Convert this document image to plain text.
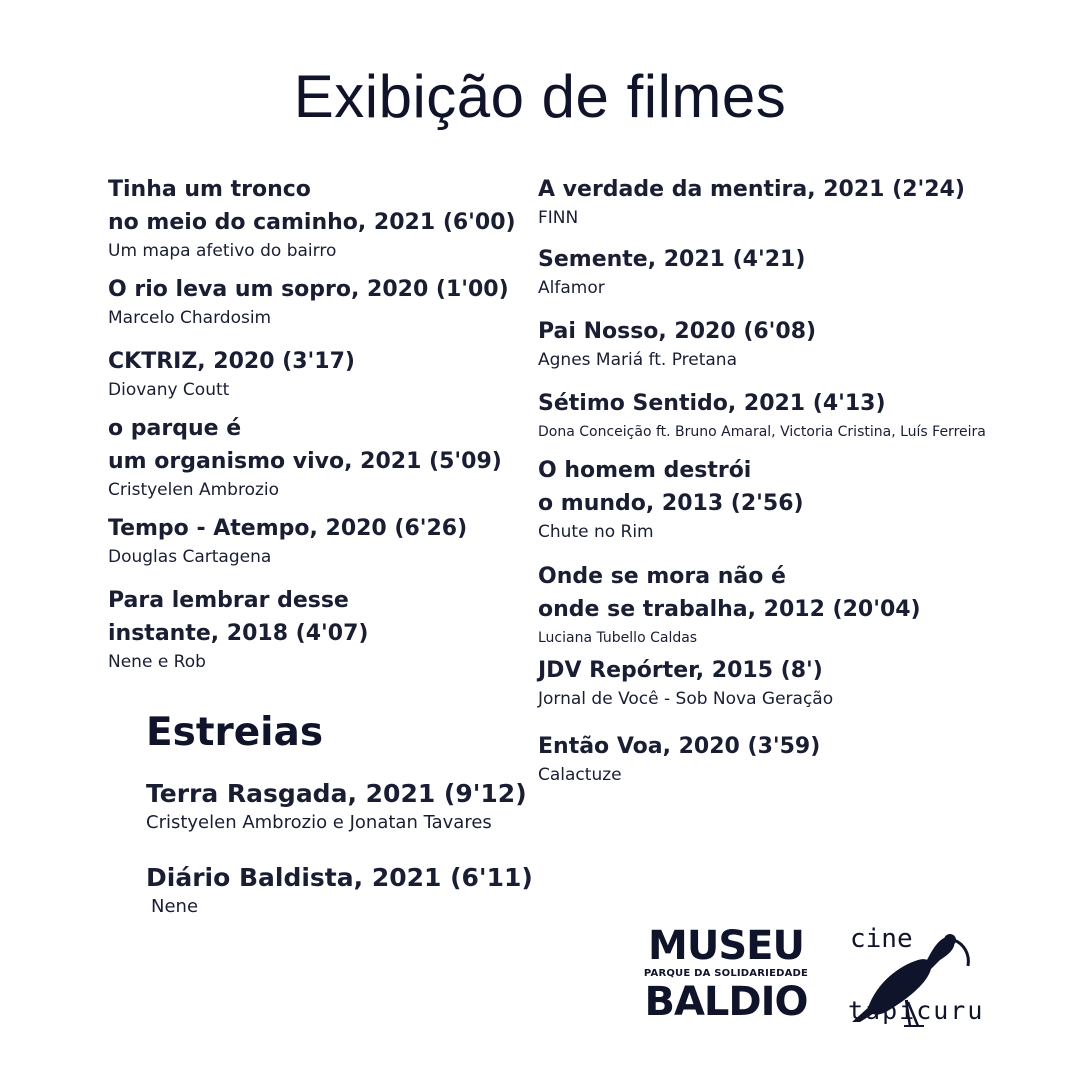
Exibição de filmes
Tinha um tronco
no meio do caminho, 2021 (6'00)
Um mapa afetivo do bairro
O rio leva um sopro, 2020 (1'00)
Marcelo Chardosim
CKTRIZ, 2020 (3'17)
Diovany Coutt
o parque é
um organismo vivo, 2021 (5'09)
Cristyelen Ambrozio
Tempo - Atempo, 2020 (6'26)
Douglas Cartagena
Para lembrar desse
instante, 2018 (4'07)
Nene e Rob
A verdade da mentira, 2021 (2'24)
FINN
Semente, 2021 (4'21)
Alfamor
Pai Nosso, 2020 (6'08)
Agnes Mariá ft. Pretana
Sétimo Sentido, 2021 (4'13)
Dona Conceição ft. Bruno Amaral, Victoria Cristina, Luís Ferreira
O homem destrói
o mundo, 2013 (2'56)
Chute no Rim
Onde se mora não é
onde se trabalha, 2012 (20'04)
Luciana Tubello Caldas
JDV Repórter, 2015 (8')
Jornal de Você - Sob Nova Geração
Então Voa, 2020 (3'59)
Calactuze
Estreias
Terra Rasgada, 2021 (9'12)
Cristyelen Ambrozio e Jonatan Tavares
Diário Baldista, 2021 (6'11)
Nene
MUSEU
PARQUE DA SOLIDARIEDADE
BALDIO
cine
tapicuru
